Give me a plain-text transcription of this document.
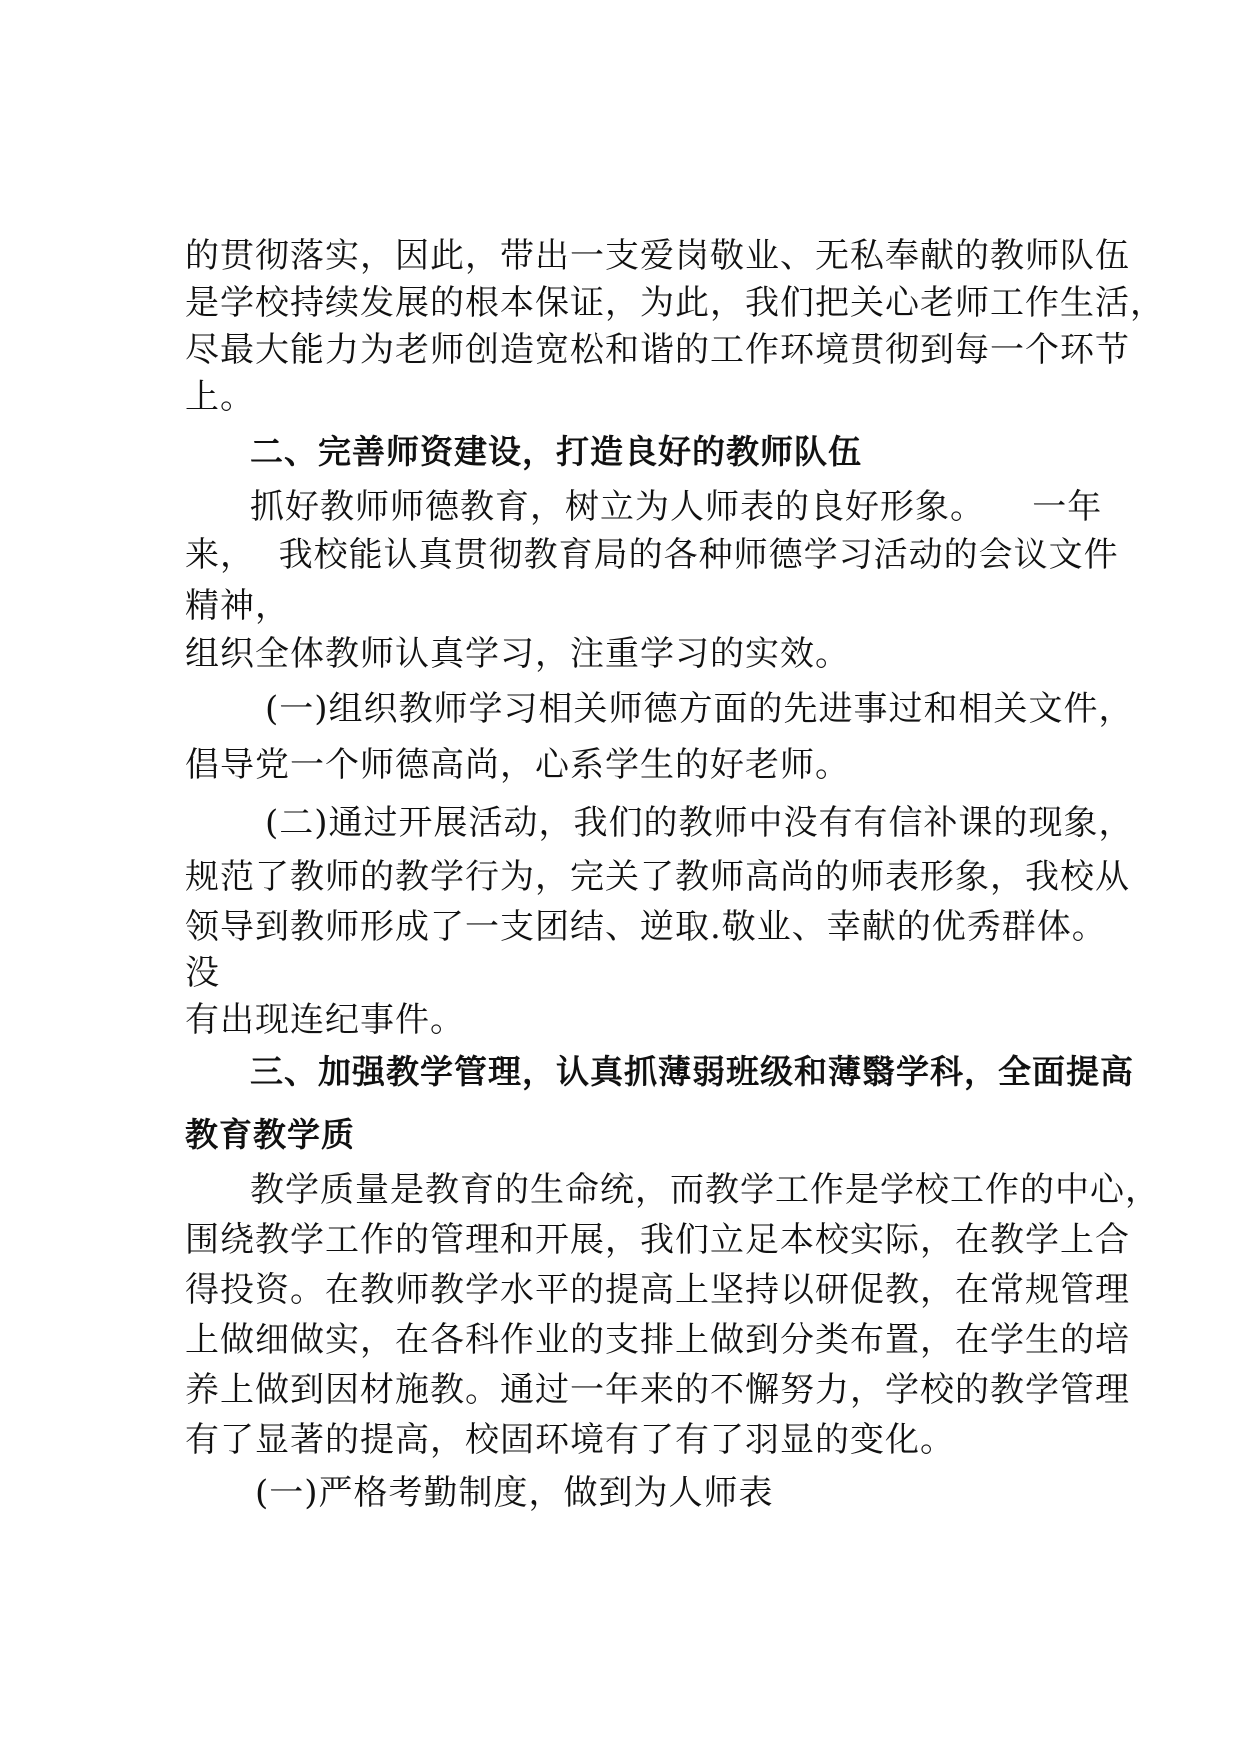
的贯彻落实，因此，带出一支爱岗敬业、无私奉献的教师队伍
是学校持续发展的根本保证，为此，我们把关心老师工作生活，
尽最大能力为老师创造宽松和谐的工作环境贯彻到每一个环节
上。
二、完善师资建设，打造良好的教师队伍
抓好教师师德教育，树立为人师表的良好形象。    一年
来，  我校能认真贯彻教育局的各种师德学习活动的会议文件
精神，
组织全体教师认真学习，注重学习的实效。
(一)组织教师学习相关师德方面的先进事过和相关文件，
倡导党一个师德高尚，心系学生的好老师。
(二)通过开展活动，我们的教师中没有有信补课的现象，
规范了教师的教学行为，完关了教师高尚的师表形象，我校从
领导到教师形成了一支团结、逆取.敬业、幸献的优秀群体。
没
有出现连纪事件。
三、加强教学管理，认真抓薄弱班级和薄翳学科，全面提高
教育教学质
教学质量是教育的生命统，而教学工作是学校工作的中心，
围绕教学工作的管理和开展，我们立足本校实际，在教学上合
得投资。在教师教学水平的提高上坚持以研促教，在常规管理
上做细做实，在各科作业的支排上做到分类布置，在学生的培
养上做到因材施教。通过一年来的不懈努力，学校的教学管理
有了显著的提高，校固环境有了有了羽显的变化。
(一)严格考勤制度，做到为人师表
